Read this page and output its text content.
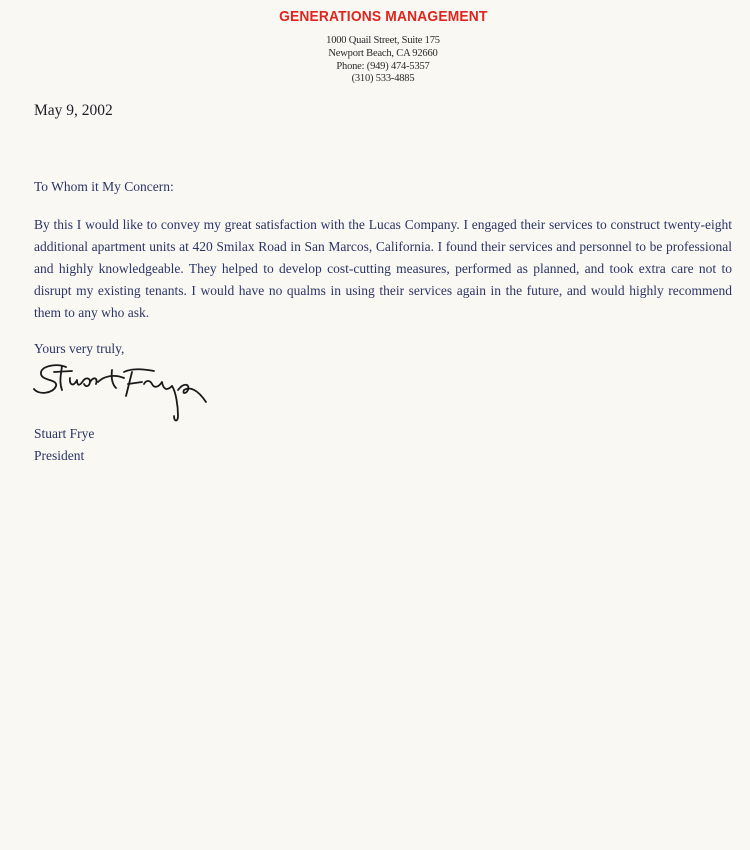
GENERATIONS MANAGEMENT
1000 Quail Street, Suite 175
Newport Beach, CA 92660
Phone: (949) 474-5357
(310) 533-4885
May 9, 2002
To Whom it My Concern:
By this I would like to convey my great satisfaction with the Lucas Company. I engaged their services to construct twenty-eight additional apartment units at 420 Smilax Road in San Marcos, California. I found their services and personnel to be professional and highly knowledgeable. They helped to develop cost-cutting measures, performed as planned, and took extra care not to disrupt my existing tenants. I would have no qualms in using their services again in the future, and would highly recommend them to any who ask.
Yours very truly,
Stuart Frye
President
